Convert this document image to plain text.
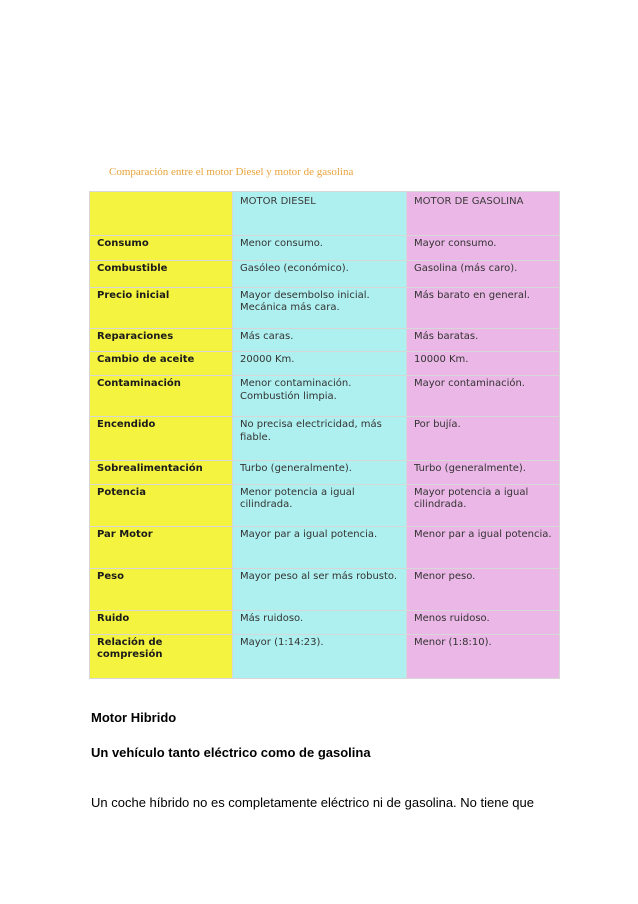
Comparación entre el motor Diesel y motor de gasolina
	MOTOR DIESEL	MOTOR DE GASOLINA
Consumo	Menor consumo.	Mayor consumo.
Combustible	Gasóleo (económico).	Gasolina (más caro).
Precio inicial	Mayor desembolso inicial. Mecánica más cara.	Más barato en general.
Reparaciones	Más caras.	Más baratas.
Cambio de aceite	20000 Km.	10000 Km.
Contaminación	Menor contaminación. Combustión limpia.	Mayor contaminación.
Encendido	No precisa electricidad, más fiable.	Por bujía.
Sobrealimentación	Turbo (generalmente).	Turbo (generalmente).
Potencia	Menor potencia a igual cilindrada.	Mayor potencia a igual cilindrada.
Par Motor	Mayor par a igual potencia.	Menor par a igual potencia.
Peso	Mayor peso al ser más robusto.	Menor peso.
Ruido	Más ruidoso.	Menos ruidoso.
Relación de compresión	Mayor (1:14:23).	Menor (1:8:10).
Motor Hibrido
Un vehículo tanto eléctrico como de gasolina
Un coche híbrido no es completamente eléctrico ni de gasolina. No tiene que
